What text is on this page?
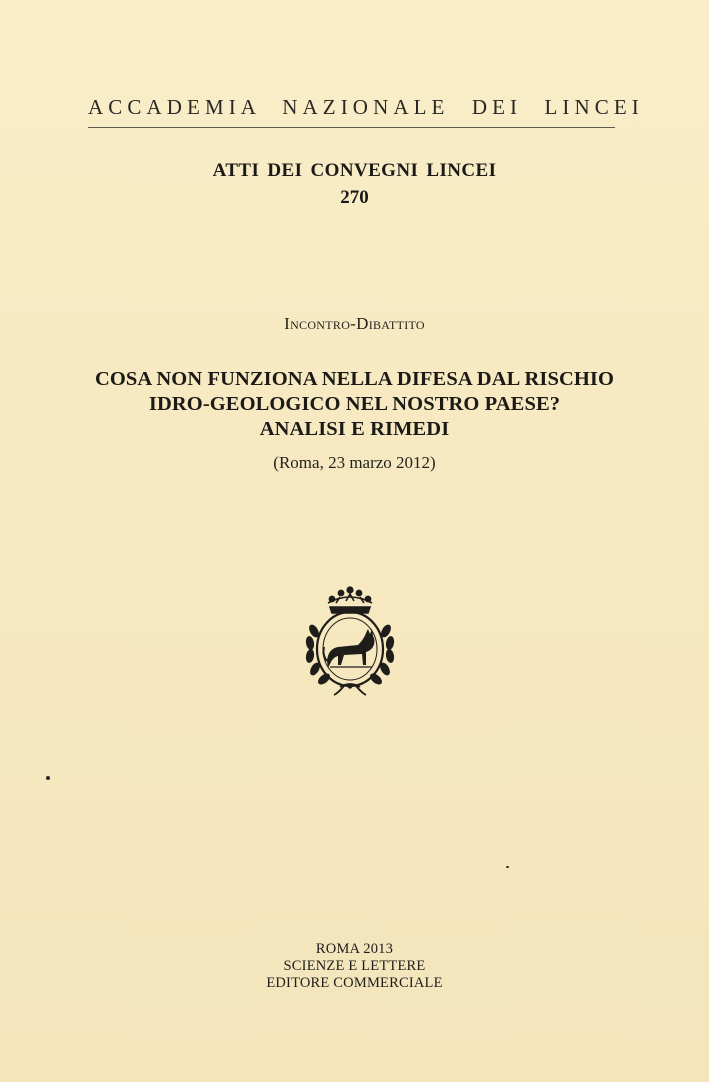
ACCADEMIA NAZIONALE DEI LINCEI
ATTI DEI CONVEGNI LINCEI
270
Incontro-Dibattito
COSA NON FUNZIONA NELLA DIFESA DAL RISCHIO
IDRO-GEOLOGICO NEL NOSTRO PAESE?
ANALISI E RIMEDI
(Roma, 23 marzo 2012)
ROMA 2013
SCIENZE E LETTERE
EDITORE COMMERCIALE
